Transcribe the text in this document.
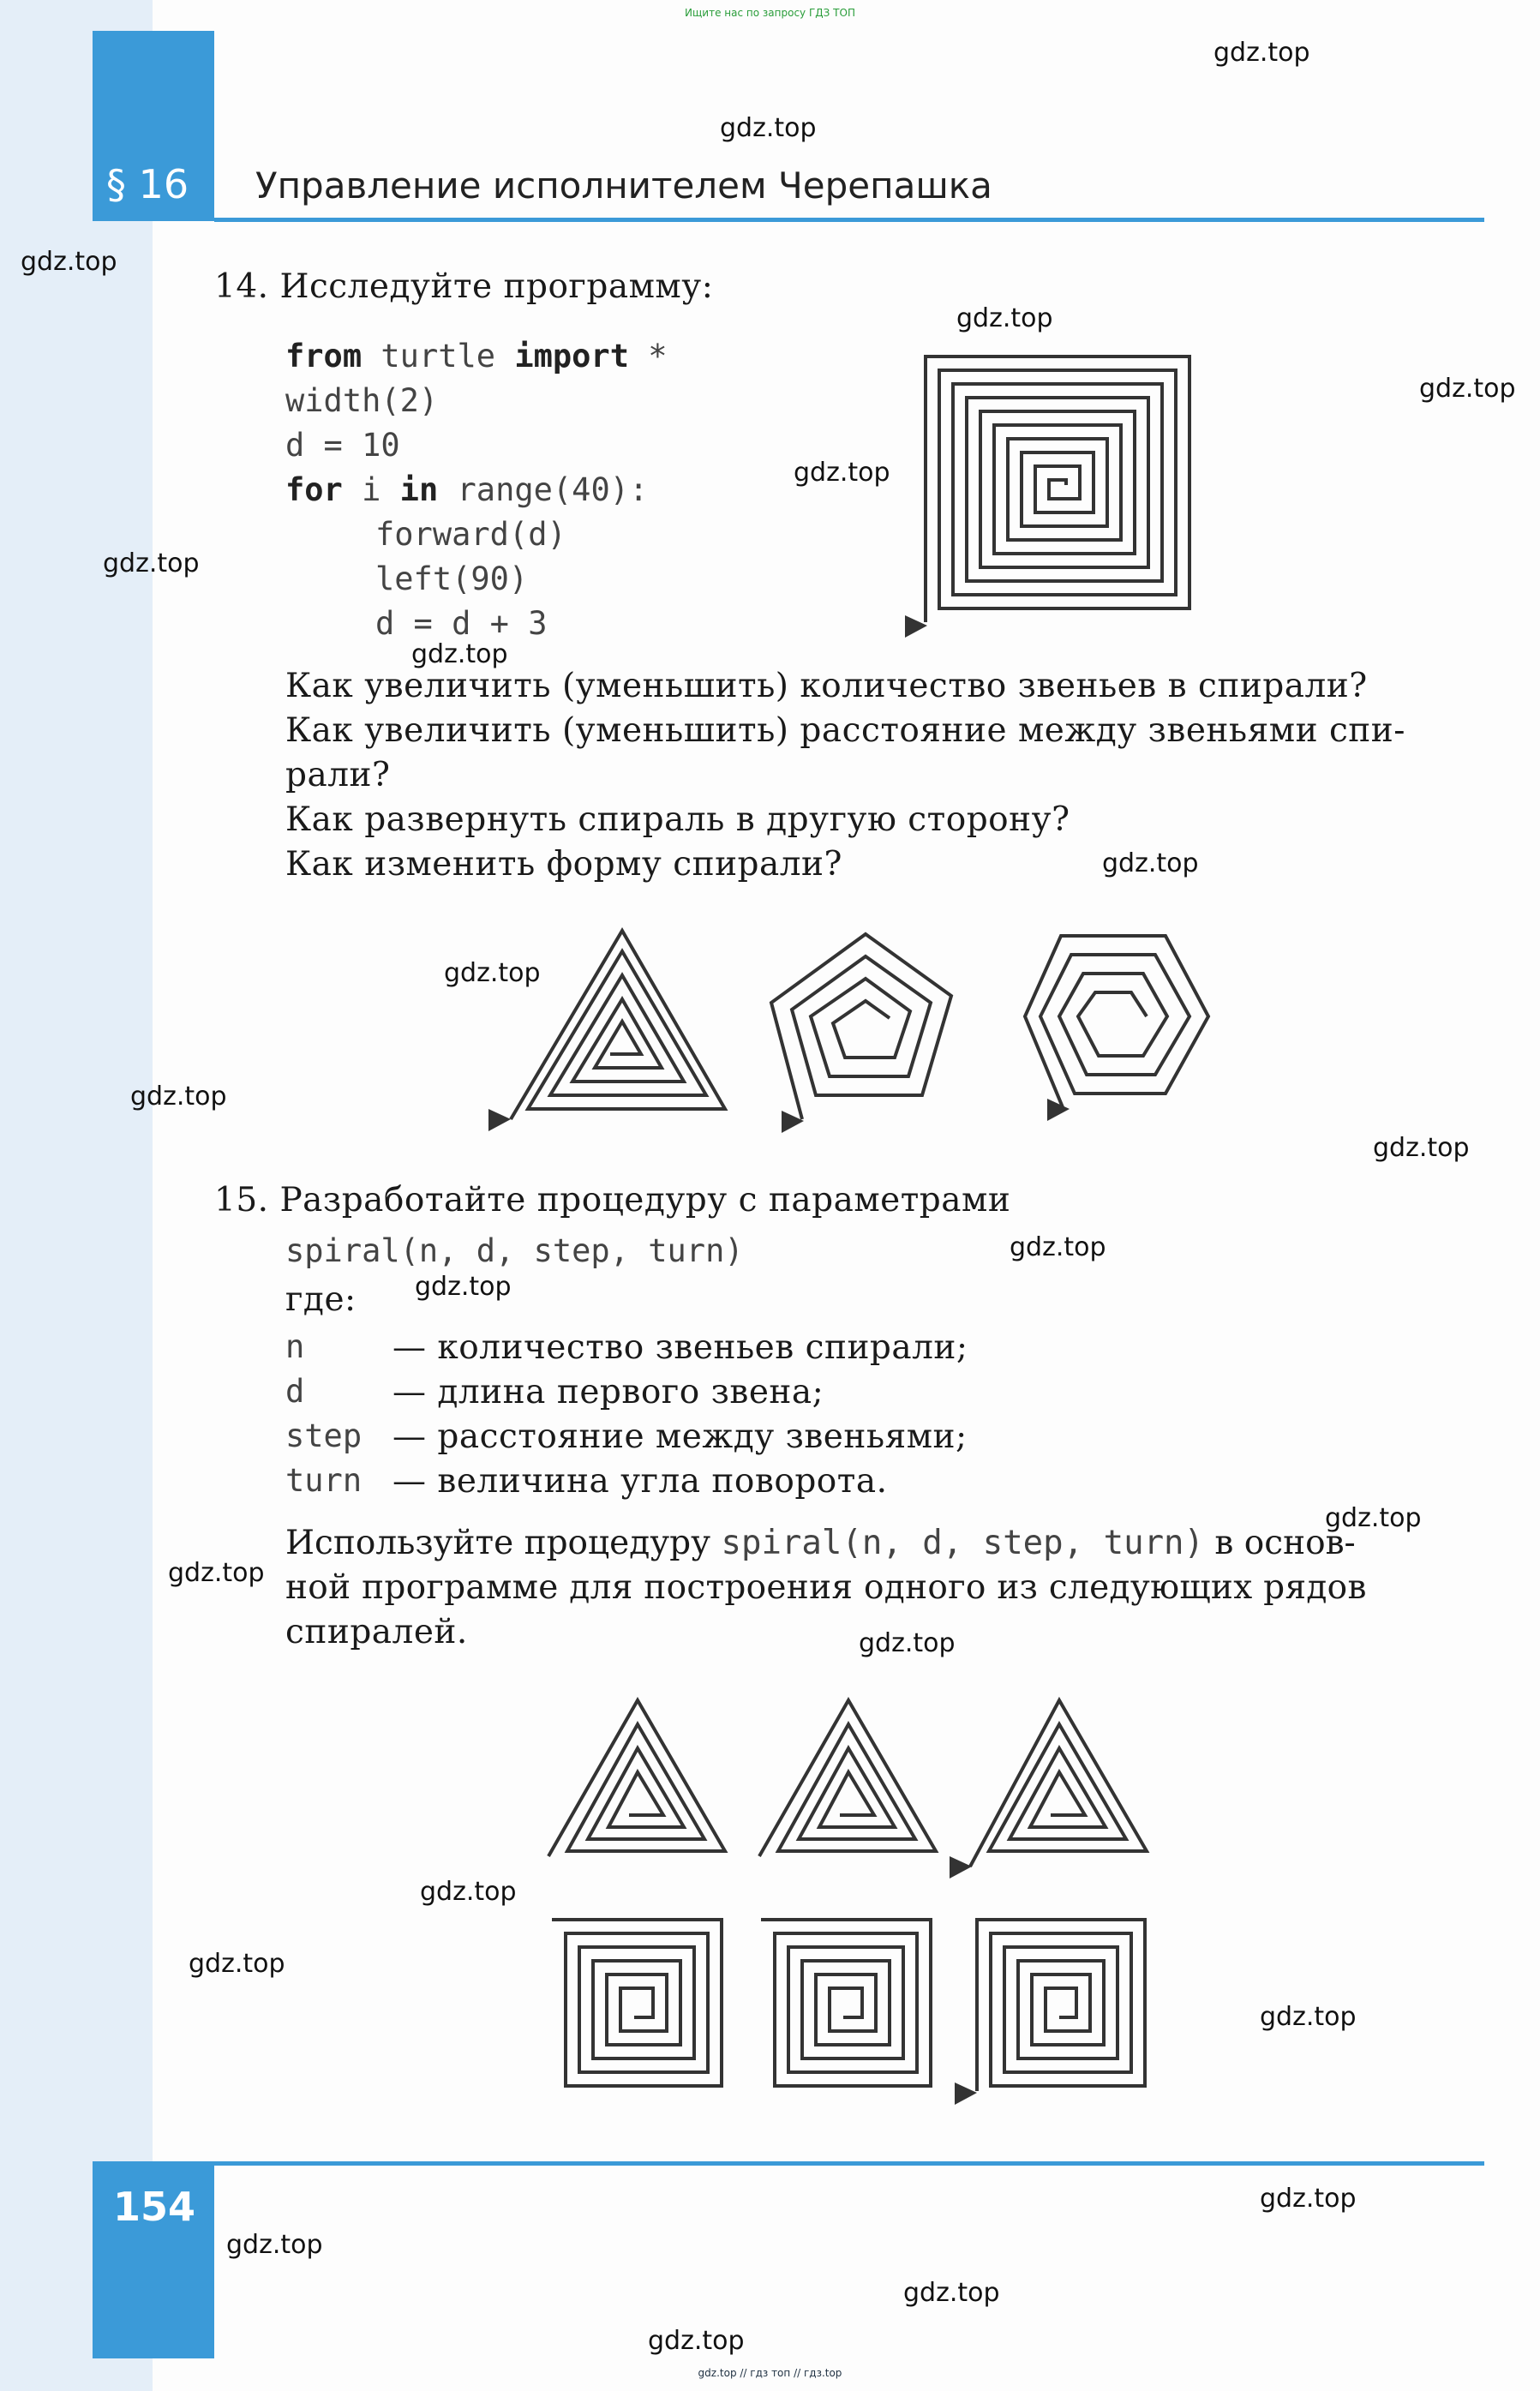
Ищите нас по запросу ГДЗ ТОП
§ 16 Управление исполнителем Черепашка
14. Исследуйте программу:
from turtle import *
width(2)
d = 10
for i in range(40):
forward(d)
left(90)
d = d + 3
Как увеличить (уменьшить) количество звеньев в спирали?
Как увеличить (уменьшить) расстояние между звеньями спи-
рали?
Как развернуть спираль в другую сторону?
Как изменить форму спирали?
15. Разработайте процедуру с параметрами
spiral(n, d, step, turn)
где:
n	— количество звеньев спирали;
d	— длина первого звена;
step — расстояние между звеньями;
turn — величина угла поворота.
Используйте процедуру spiral(n, d, step, turn) в основ-
ной программе для построения одного из следующих рядов
спиралей.
154
gdz.top // гдз топ // гдз.top
gdz.top
gdz.top
gdz.top
gdz.top
gdz.top
gdz.top
gdz.top
gdz.top
gdz.top
gdz.top
gdz.top
gdz.top
gdz.top
gdz.top
gdz.top
gdz.top
gdz.top
gdz.top
gdz.top
gdz.top
gdz.top
gdz.top
gdz.top
gdz.top
